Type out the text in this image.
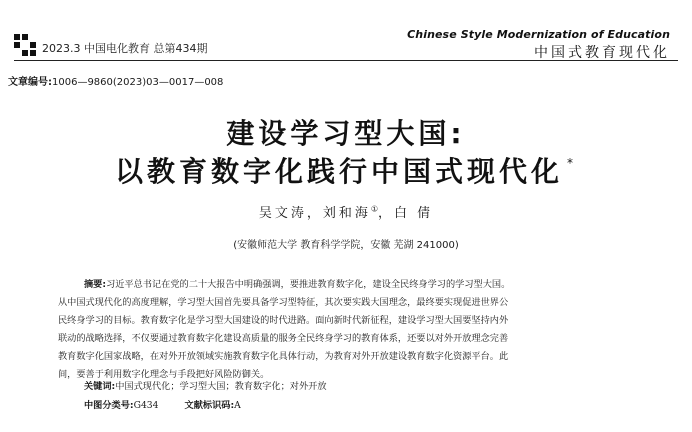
2023.3 中国电化教育 总第434期
Chinese Style Modernization of Education
中国式教育现代化
文章编号:1006—9860(2023)03—0017—008
建设学习型大国:
以教育数字化践行中国式现代化 *
吴文涛，刘和海①，白 倩
(安徽师范大学 教育科学学院，安徽 芜湖 241000)

摘要:习近平总书记在党的二十大报告中明确强调，要推进教育数字化，建设全民终身学习的学习型大国。

从中国式现代化的高度理解，学习型大国首先要具备学习型特征，其次要实践大国理念，最终要实现促进世界公

民终身学习的目标。教育数字化是学习型大国建设的时代进路。面向新时代新征程，建设学习型大国要坚持内外

联动的战略选择，不仅要通过教育数字化建设高质量的服务全民终身学习的教育体系，还要以对外开放理念完善

教育数字化国家战略，在对外开放领域实施教育数字化具体行动，为教育对外开放建设教育数字化资源平台。此

间，要善于利用数字化理念与手段把好风险防御关。

关键词:中国式现代化；学习型大国；教育数字化；对外开放
中图分类号:G434	文献标识码:A
